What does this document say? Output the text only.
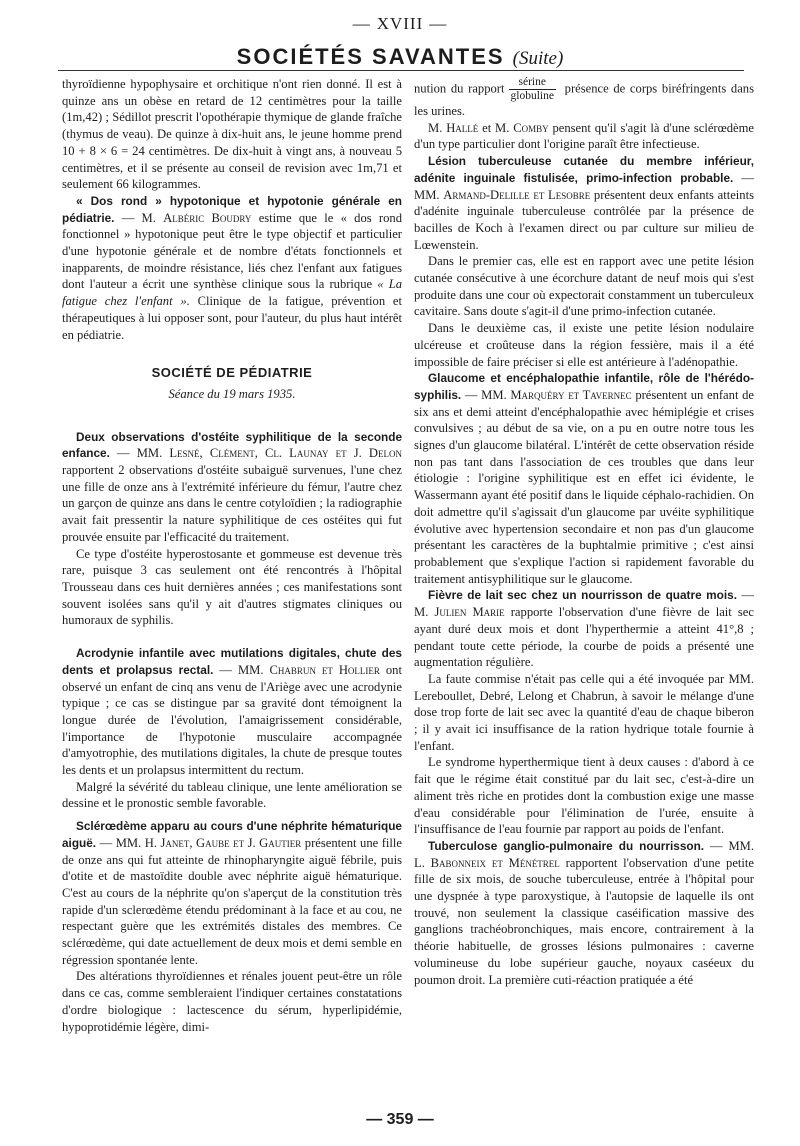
— XVIII —
SOCIÉTÉS SAVANTES (Suite)

thyroïdienne hypophysaire et orchitique n'ont rien donné. Il est à quinze ans un obèse en retard de 12 centimètres pour la taille (1m,42) ; Sédillot prescrit l'opothérapie thymique de glande fraîche (thymus de veau). De quinze à dix-huit ans, le jeune homme prend 10 + 8 × 6 = 24 centimètres. De dix-huit à vingt ans, à nouveau 5 centimètres, et il se présente au conseil de revision avec 1m,71 et seulement 66 kilogrammes.

« Dos rond » hypotonique et hypotonie générale en pédiatrie. — M. Albéric Boudry estime que le « dos rond fonctionnel » hypotonique peut être le type objectif et particulier d'une hypotonie générale et de nombre d'états fonctionnels et inapparents, de moindre résistance, liés chez l'enfant aux fatigues dont l'auteur a écrit une synthèse clinique sous la rubrique « La fatigue chez l'enfant ». Clinique de la fatigue, prévention et thérapeutiques à lui opposer sont, pour l'auteur, du plus haut intérêt en pédiatrie.

SOCIÉTÉ DE PÉDIATRIE
Séance du 19 mars 1935.

Deux observations d'ostéite syphilitique de la seconde enfance. — MM. Lesné, Clément, Cl. Launay et J. Delon rapportent 2 observations d'ostéite subaiguë survenues, l'une chez une fille de onze ans à l'extrémité inférieure du fémur, l'autre chez un garçon de quinze ans dans le centre cotyloïdien ; la radiographie avait fait pressentir la nature syphilitique de ces ostéites qui fut prouvée ensuite par l'efficacité du traitement.

Ce type d'ostéite hyperostosante et gommeuse est devenue très rare, puisque 3 cas seulement ont été rencontrés à l'hôpital Trousseau dans ces huit dernières années ; ces manifestations sont souvent isolées sans qu'il y ait d'autres stigmates cliniques ou humoraux de syphilis.

Acrodynie infantile avec mutilations digitales, chute des dents et prolapsus rectal. — MM. Chabrun et Hollier ont observé un enfant de cinq ans venu de l'Ariège avec une acrodynie typique ; ce cas se distingue par sa gravité dont témoignent la longue durée de l'évolution, l'amaigrissement considérable, l'importance de l'hypotonie musculaire accompagnée d'amyotrophie, des mutilations digitales, la chute de presque toutes les dents et un prolapsus intermittent du rectum.

Malgré la sévérité du tableau clinique, une lente amélioration se dessine et le pronostic semble favorable.

Sclérœdème apparu au cours d'une néphrite hématurique aiguë. — MM. H. Janet, Gaube et J. Gautier présentent une fille de onze ans qui fut atteinte de rhinopharyngite aiguë fébrile, puis d'otite et de mastoïdite double avec néphrite aiguë hématurique. C'est au cours de la néphrite qu'on s'aperçut de la constitution très rapide d'un sclerœdème étendu prédominant à la face et au cou, ne respectant guère que les extrémités distales des membres. Ce sclérœdème, qui date actuellement de deux mois et demi semble en régression spontanée lente.

Des altérations thyroïdiennes et rénales jouent peut-être un rôle dans ce cas, comme sembleraient l'indiquer certaines constatations d'ordre biologique : lactescence du sérum, hyperlipidémie, hypoprotidémie légère, dimi-

nution du rapport $\frac{\text{sérine}}{\text{globuline}}$ présence de corps biréfringents dans les urines.

M. Hallé et M. Comby pensent qu'il s'agit là d'une sclérœdème d'un type particulier dont l'origine paraît être infectieuse.

Lésion tuberculeuse cutanée du membre inférieur, adénite inguinale fistulisée, primo-infection probable. — MM. Armand-Delille et Lesobre présentent deux enfants atteints d'adénite inguinale tuberculeuse contrôlée par la présence de bacilles de Koch à l'examen direct ou par culture sur milieu de Lœwenstein.

Dans le premier cas, elle est en rapport avec une petite lésion cutanée consécutive à une écorchure datant de neuf mois qui s'est produite dans une cour où expectorait constamment un tuberculeux cavitaire. Sans doute s'agit-il d'une primo-infection cutanée.

Dans le deuxième cas, il existe une petite lésion nodulaire ulcéreuse et croûteuse dans la région fessière, mais il a été impossible de faire préciser si elle est antérieure à l'adénopathie.

Glaucome et encéphalopathie infantile, rôle de l'hérédo-syphilis. — MM. Marquéry et Tavernec présentent un enfant de six ans et demi atteint d'encéphalopathie avec hémiplégie et crises convulsives ; au début de sa vie, on a pu en outre notre tous les signes d'un glaucome bilatéral. L'intérêt de cette observation réside non pas tant dans l'association de ces troubles que dans leur étiologie : l'origine syphilitique est en effet ici évidente, le Wassermann ayant été positif dans le liquide céphalo-rachidien. On doit admettre qu'il s'agissait d'un glaucome par uvéite syphilitique évolutive avec hypertension secondaire et non pas d'un glaucome présentant les caractères de la buphtalmie primitive ; c'est ainsi probablement que s'explique l'action si rapidement favorable du traitement antisyphilitique sur le glaucome.

Fièvre de lait sec chez un nourrisson de quatre mois. — M. Julien Marie rapporte l'observation d'une fièvre de lait sec ayant duré deux mois et dont l'hyperthermie a atteint 41°,8 ; pendant toute cette période, la courbe de poids a présenté une augmentation régulière.

La faute commise n'était pas celle qui a été invoquée par MM. Lereboullet, Debré, Lelong et Chabrun, à savoir le mélange d'une dose trop forte de lait sec avec la quantité d'eau de chaque biberon ; il y avait ici insuffisance de la ration hydrique totale fournie à l'enfant.

Le syndrome hyperthermique tient à deux causes : d'abord à ce fait que le régime était constitué par du lait sec, c'est-à-dire un aliment très riche en protides dont la combustion exige une masse d'eau considérable pour l'élimination de l'urée, ensuite à l'insuffisance de l'eau fournie par rapport au poids de l'enfant.

Tuberculose ganglio-pulmonaire du nourrisson. — MM. L. Babonneix et Ménétrel rapportent l'observation d'une petite fille de six mois, de souche tuberculeuse, entrée à l'hôpital pour une dyspnée à type paroxystique, à l'autopsie de laquelle ils ont trouvé, non seulement la classique caséification massive des ganglions trachéobronchiques, mais encore, contrairement à la théorie habituelle, de grosses lésions pulmonaires : caverne volumineuse du lobe supérieur gauche, noyaux caséeux du poumon droit. La première cuti-réaction pratiquée a été

— 359 —
